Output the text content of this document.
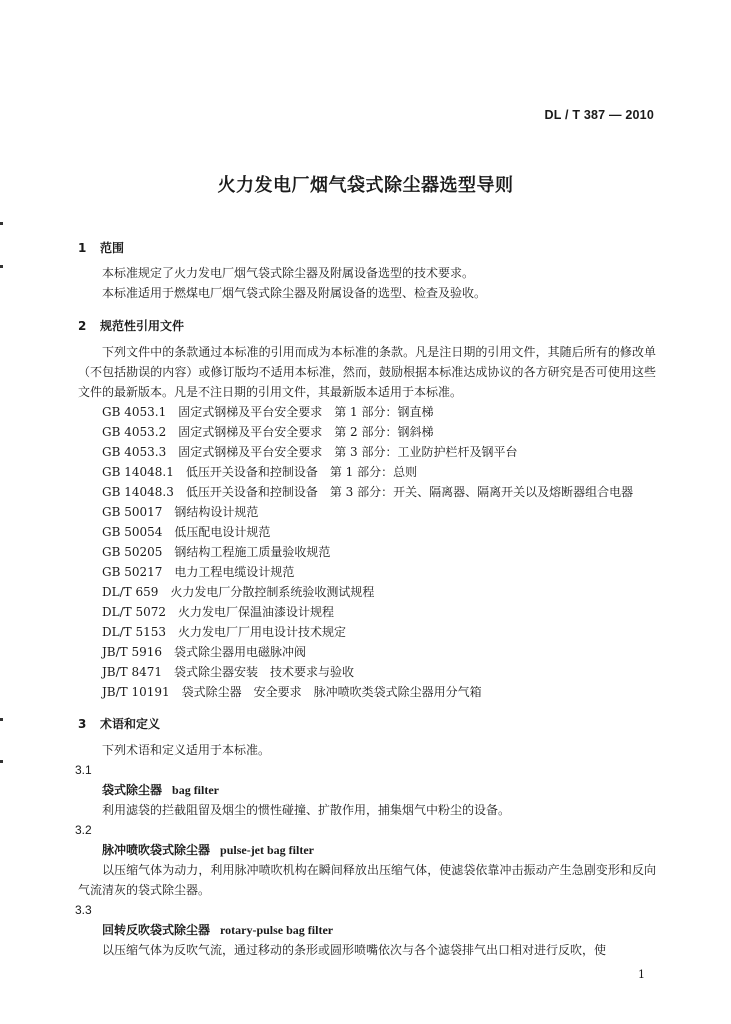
DL / T 387 — 2010
火力发电厂烟气袋式除尘器选型导则
1 范围

本标准规定了火力发电厂烟气袋式除尘器及附属设备选型的技术要求。

本标准适用于燃煤电厂烟气袋式除尘器及附属设备的选型、检查及验收。

2 规范性引用文件

下列文件中的条款通过本标准的引用而成为本标准的条款。凡是注日期的引用文件，其随后所有的修改单（不包括勘误的内容）或修订版均不适用本标准，然而，鼓励根据本标准达成协议的各方研究是否可使用这些文件的最新版本。凡是不注日期的引用文件，其最新版本适用于本标准。

GB 4053.1　固定式钢梯及平台安全要求　第 1 部分：钢直梯
GB 4053.2　固定式钢梯及平台安全要求　第 2 部分：钢斜梯
GB 4053.3　固定式钢梯及平台安全要求　第 3 部分：工业防护栏杆及钢平台
GB 14048.1　低压开关设备和控制设备　第 1 部分：总则
GB 14048.3　低压开关设备和控制设备　第 3 部分：开关、隔离器、隔离开关以及熔断器组合电器
GB 50017　钢结构设计规范
GB 50054　低压配电设计规范
GB 50205　钢结构工程施工质量验收规范
GB 50217　电力工程电缆设计规范
DL/T 659　火力发电厂分散控制系统验收测试规程
DL/T 5072　火力发电厂保温油漆设计规程
DL/T 5153　火力发电厂厂用电设计技术规定
JB/T 5916　袋式除尘器用电磁脉冲阀
JB/T 8471　袋式除尘器安装　技术要求与验收
JB/T 10191　袋式除尘器　安全要求　脉冲喷吹类袋式除尘器用分气箱
3 术语和定义

下列术语和定义适用于本标准。

3.1
袋式除尘器 bag filter

利用滤袋的拦截阻留及烟尘的惯性碰撞、扩散作用，捕集烟气中粉尘的设备。

3.2
脉冲喷吹袋式除尘器 pulse-jet bag filter

以压缩气体为动力，利用脉冲喷吹机构在瞬间释放出压缩气体，使滤袋依靠冲击振动产生急剧变形和反向气流清灰的袋式除尘器。

3.3
回转反吹袋式除尘器 rotary-pulse bag filter

以压缩气体为反吹气流，通过移动的条形或圆形喷嘴依次与各个滤袋排气出口相对进行反吹，使

1
